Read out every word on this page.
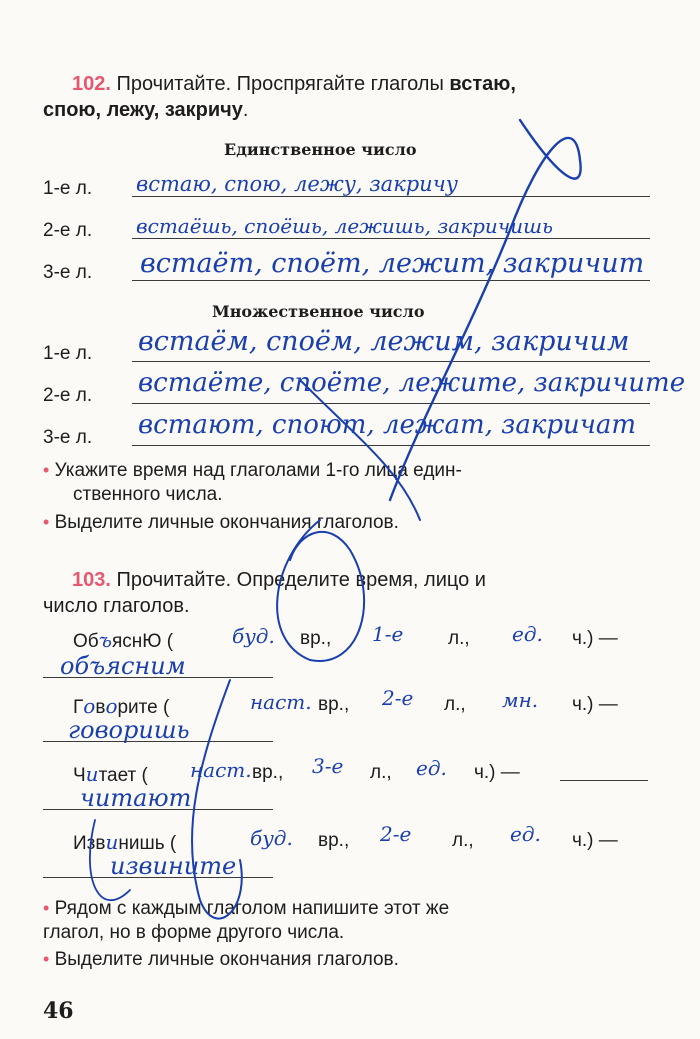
102. Прочитайте. Проспрягайте глаголы встаю,
спою, лежу, закричу.
Единственное число
1-е л. встаю, спою, лежу, закричу
2-е л. встаёшь, споёшь, лежишь, закричишь
3-е л. встаёт, споёт, лежит, закричит
Множественное число
1-е л. встаём, споём, лежим, закричим
2-е л. встаёте, споёте, лежите, закричите
3-е л. встают, споют, лежат, закричат
• Укажите время над глаголами 1-го лица един-
ственного числа.
• Выделите личные окончания глаголов.
103. Прочитайте. Определите время, лицо и
число глаголов.
ОбъяснЮ (	буд. вр., 1-е л., ед. ч.) —
объясним
Говорите (	наст. вр., 2-е л., мн. ч.) —
говоришь
Читает ( наст. вр., 3-е л., ед. ч.) —
читают
Извинишь (	буд. вр., 2-е л., ед. ч.) —
извините
• Рядом с каждым глаголом напишите этот же
глагол, но в форме другого числа.
• Выделите личные окончания глаголов.
46
